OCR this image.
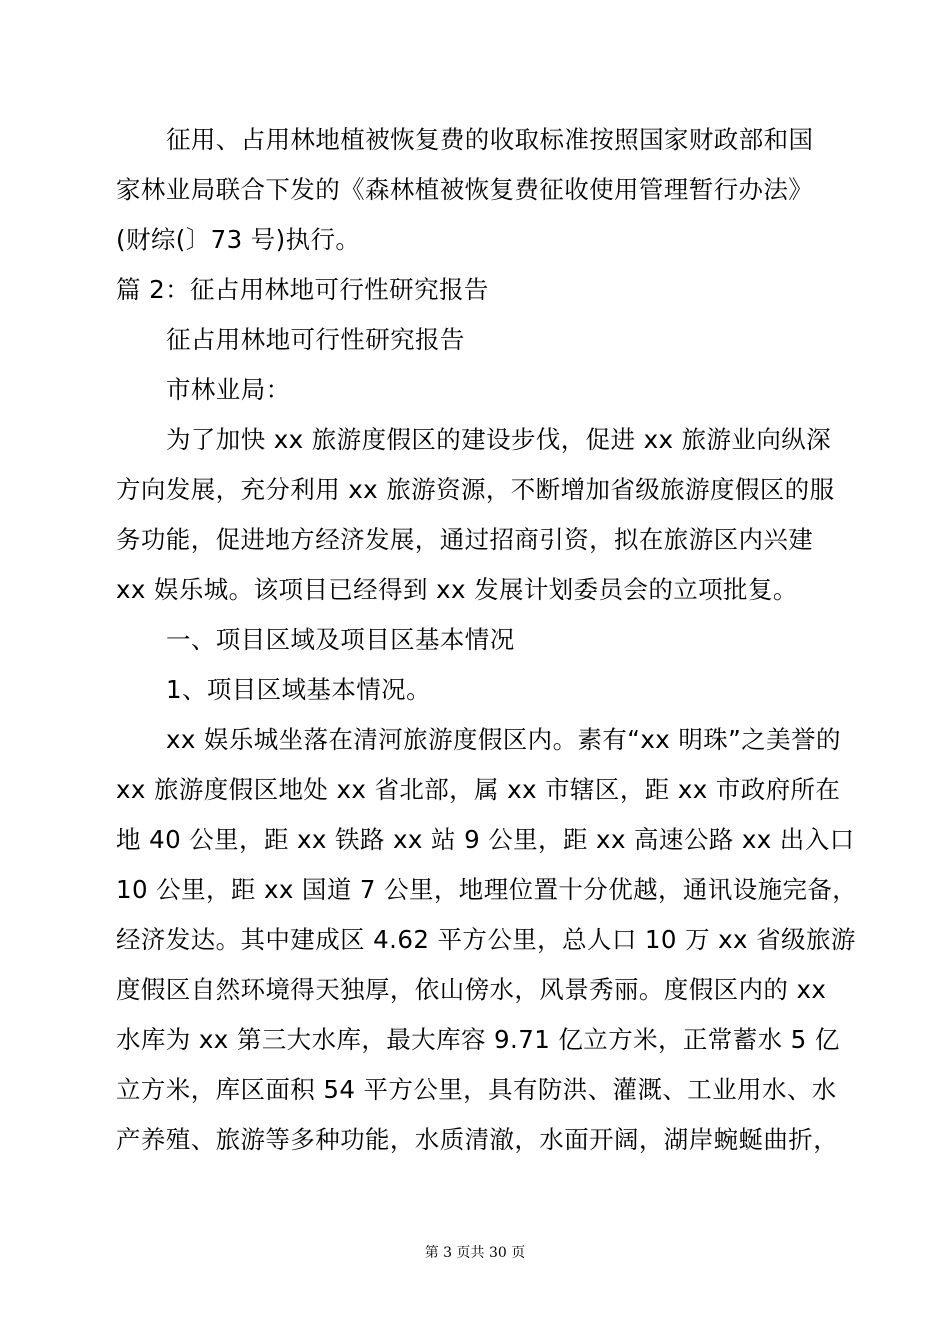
征用、占用林地植被恢复费的收取标准按照国家财政部和国
家林业局联合下发的《森林植被恢复费征收使用管理暂行办法》
(财综(〕73 号)执行。
篇 2：征占用林地可行性研究报告
征占用林地可行性研究报告
市林业局：
为了加快 xx 旅游度假区的建设步伐，促进 xx 旅游业向纵深
方向发展，充分利用 xx 旅游资源，不断增加省级旅游度假区的服
务功能，促进地方经济发展，通过招商引资，拟在旅游区内兴建
xx 娱乐城。该项目已经得到 xx 发展计划委员会的立项批复。
一、项目区域及项目区基本情况
1、项目区域基本情况。
xx 娱乐城坐落在清河旅游度假区内。素有“xx 明珠”之美誉的
xx 旅游度假区地处 xx 省北部，属 xx 市辖区，距 xx 市政府所在
地 40 公里，距 xx 铁路 xx 站 9 公里，距 xx 高速公路 xx 出入口
10 公里，距 xx 国道 7 公里，地理位置十分优越，通讯设施完备，
经济发达。其中建成区 4.62 平方公里，总人口 10 万 xx 省级旅游
度假区自然环境得天独厚，依山傍水，风景秀丽。度假区内的 xx
水库为 xx 第三大水库，最大库容 9.71 亿立方米，正常蓄水 5 亿
立方米，库区面积 54 平方公里，具有防洪、灌溉、工业用水、水
产养殖、旅游等多种功能，水质清澈，水面开阔，湖岸蜿蜒曲折，
第 3 页共 30 页
